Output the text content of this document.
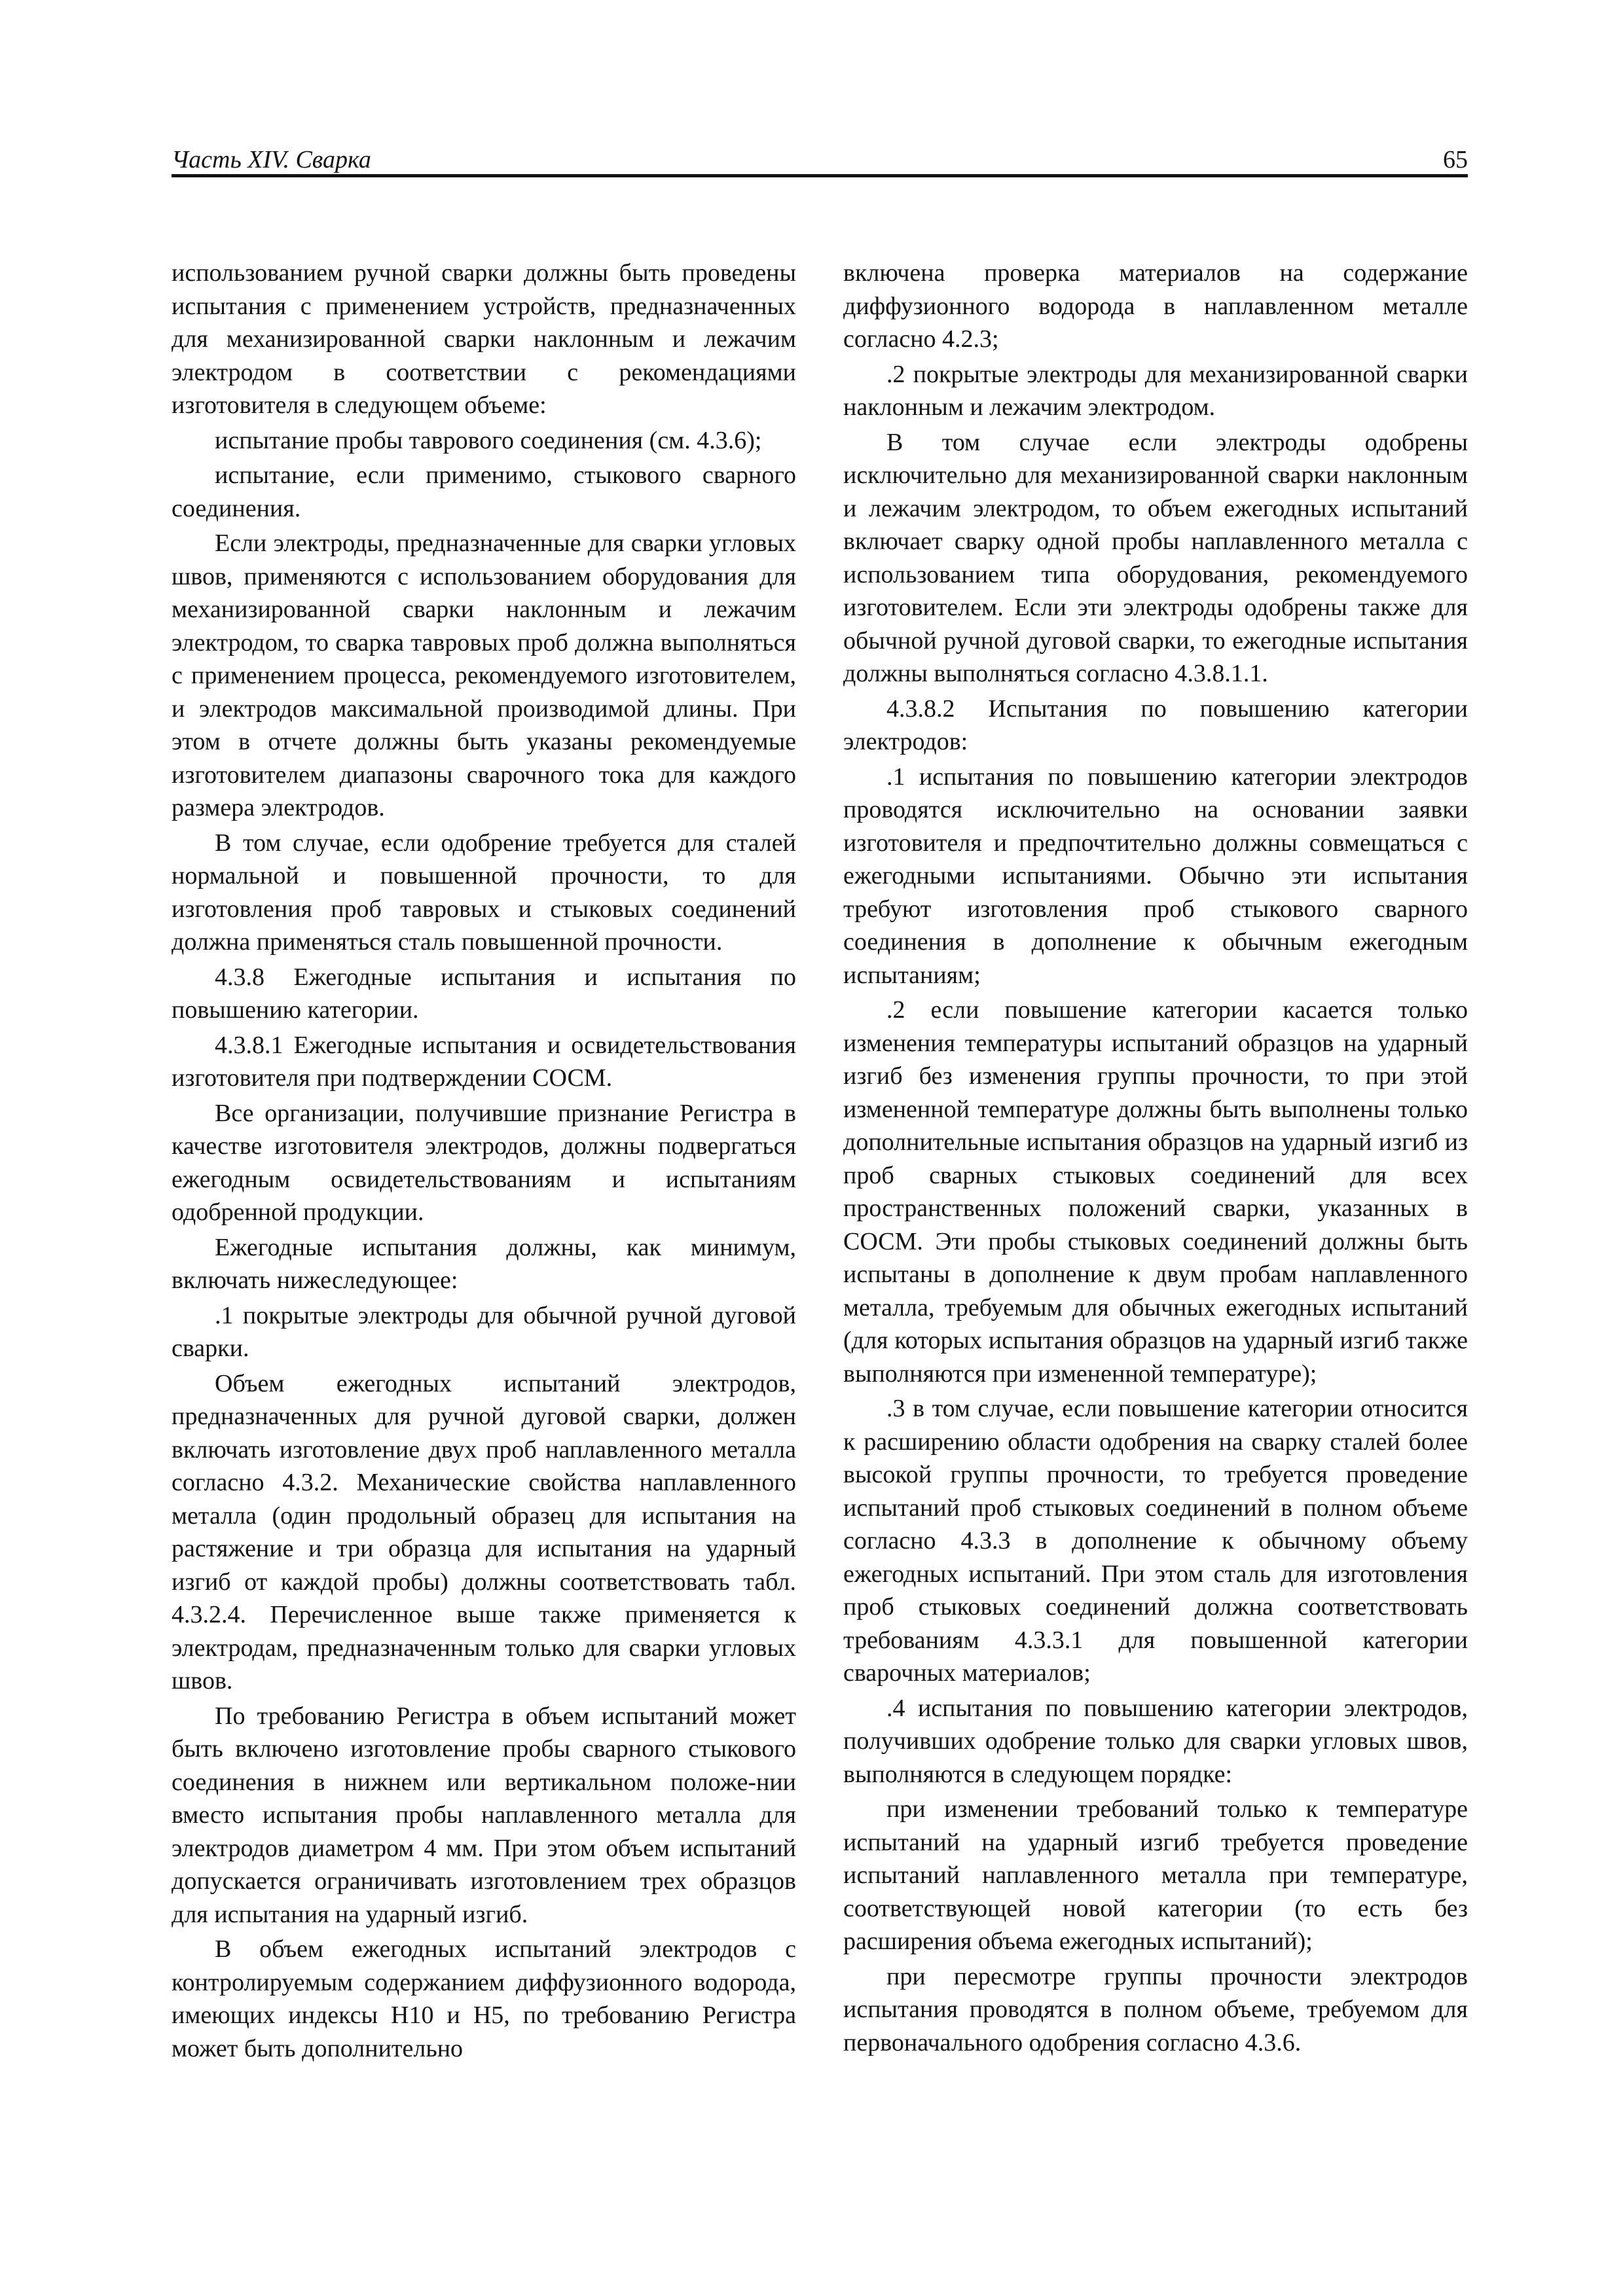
Часть XIV. Сварка	65

использованием ручной сварки должны быть проведены испытания с применением устройств, предназначенных для механизированной сварки наклонным и лежачим электродом в соответствии с рекомендациями изготовителя в следующем объеме:

испытание пробы таврового соединения (см. 4.3.6);

испытание, если применимо, стыкового сварного соединения.

Если электроды, предназначенные для сварки угловых швов, применяются с использованием оборудования для механизированной сварки наклонным и лежачим электродом, то сварка тавровых проб должна выполняться с применением процесса, рекомендуемого изготовителем, и электродов максимальной производимой длины. При этом в отчете должны быть указаны рекомендуемые изготовителем диапазоны сварочного тока для каждого размера электродов.

В том случае, если одобрение требуется для сталей нормальной и повышенной прочности, то для изготовления проб тавровых и стыковых соединений должна применяться сталь повышенной прочности.

4.3.8 Ежегодные испытания и испытания по повышению категории.

4.3.8.1 Ежегодные испытания и освидетельствования изготовителя при подтверждении СОСМ.

Все организации, получившие признание Регистра в качестве изготовителя электродов, должны подвергаться ежегодным освидетельствованиям и испытаниям одобренной продукции.

Ежегодные испытания должны, как минимум, включать нижеследующее:

.1 покрытые электроды для обычной ручной дуговой сварки.

Объем ежегодных испытаний электродов, предназначенных для ручной дуговой сварки, должен включать изготовление двух проб наплавленного металла согласно 4.3.2. Механические свойства наплавленного металла (один продольный образец для испытания на растяжение и три образца для испытания на ударный изгиб от каждой пробы) должны соответствовать табл. 4.3.2.4. Перечисленное выше также применяется к электродам, предназначенным только для сварки угловых швов.

По требованию Регистра в объем испытаний может быть включено изготовление пробы сварного стыкового соединения в нижнем или вертикальном положе-нии вместо испытания пробы наплавленного металла для электродов диаметром 4 мм. При этом объем испытаний допускается ограничивать изготовлением трех образцов для испытания на ударный изгиб.

В объем ежегодных испытаний электродов с контролируемым содержанием диффузионного водорода, имеющих индексы Н10 и Н5, по требованию Регистра может быть дополнительно

включена проверка материалов на содержание диффузионного водорода в наплавленном металле согласно 4.2.3;

.2 покрытые электроды для механизированной сварки наклонным и лежачим электродом.

В том случае если электроды одобрены исключительно для механизированной сварки наклонным и лежачим электродом, то объем ежегодных испытаний включает сварку одной пробы наплавленного металла с использованием типа оборудования, рекомендуемого изготовителем. Если эти электроды одобрены также для обычной ручной дуговой сварки, то ежегодные испытания должны выполняться согласно 4.3.8.1.1.

4.3.8.2 Испытания по повышению категории электродов:

.1 испытания по повышению категории электродов проводятся исключительно на основании заявки изготовителя и предпочтительно должны совмещаться с ежегодными испытаниями. Обычно эти испытания требуют изготовления проб стыкового сварного соединения в дополнение к обычным ежегодным испытаниям;

.2 если повышение категории касается только изменения температуры испытаний образцов на ударный изгиб без изменения группы прочности, то при этой измененной температуре должны быть выполнены только дополнительные испытания образцов на ударный изгиб из проб сварных стыковых соединений для всех пространственных положений сварки, указанных в СОСМ. Эти пробы стыковых соединений должны быть испытаны в дополнение к двум пробам наплавленного металла, требуемым для обычных ежегодных испытаний (для которых испытания образцов на ударный изгиб также выполняются при измененной температуре);

.3 в том случае, если повышение категории относится к расширению области одобрения на сварку сталей более высокой группы прочности, то требуется проведение испытаний проб стыковых соединений в полном объеме согласно 4.3.3 в дополнение к обычному объему ежегодных испытаний. При этом сталь для изготовления проб стыковых соединений должна соответствовать требованиям 4.3.3.1 для повышенной категории сварочных материалов;

.4 испытания по повышению категории электродов, получивших одобрение только для сварки угловых швов, выполняются в следующем порядке:

при изменении требований только к температуре испытаний на ударный изгиб требуется проведение испытаний наплавленного металла при температуре, соответствующей новой категории (то есть без расширения объема ежегодных испытаний);

при пересмотре группы прочности электродов испытания проводятся в полном объеме, требуемом для первоначального одобрения согласно 4.3.6.
